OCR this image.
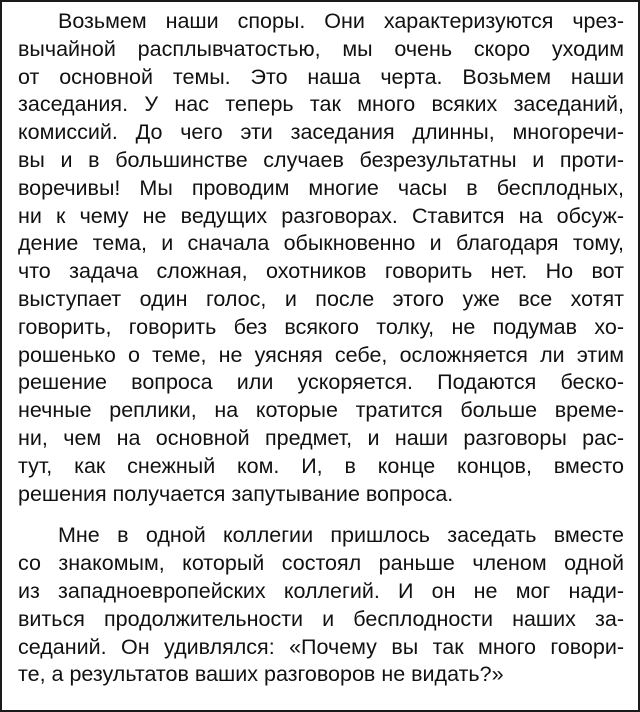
Возьмем наши споры. Они характеризуются чрез-
вычайной расплывчатостью, мы очень скоро уходим
от основной темы. Это наша черта. Возьмем наши
заседания. У нас теперь так много всяких заседаний,
комиссий. До чего эти заседания длинны, многоречи-
вы и в большинстве случаев безрезультатны и проти-
воречивы! Мы проводим многие часы в бесплодных,
ни к чему не ведущих разговорах. Ставится на обсуж-
дение тема, и сначала обыкновенно и благодаря тому,
что задача сложная, охотников говорить нет. Но вот
выступает один голос, и после этого уже все хотят
говорить, говорить без всякого толку, не подумав хо-
рошенько о теме, не уясняя себе, осложняется ли этим
решение вопроса или ускоряется. Подаются беско-
нечные реплики, на которые тратится больше време-
ни, чем на основной предмет, и наши разговоры рас-
тут, как снежный ком. И, в конце концов, вместо
решения получается запутывание вопроса.
Мне в одной коллегии пришлось заседать вместе
со знакомым, который состоял раньше членом одной
из западноевропейских коллегий. И он не мог нади-
виться продолжительности и бесплодности наших за-
седаний. Он удивлялся: «Почему вы так много говори-
те, а результатов ваших разговоров не видать?»
